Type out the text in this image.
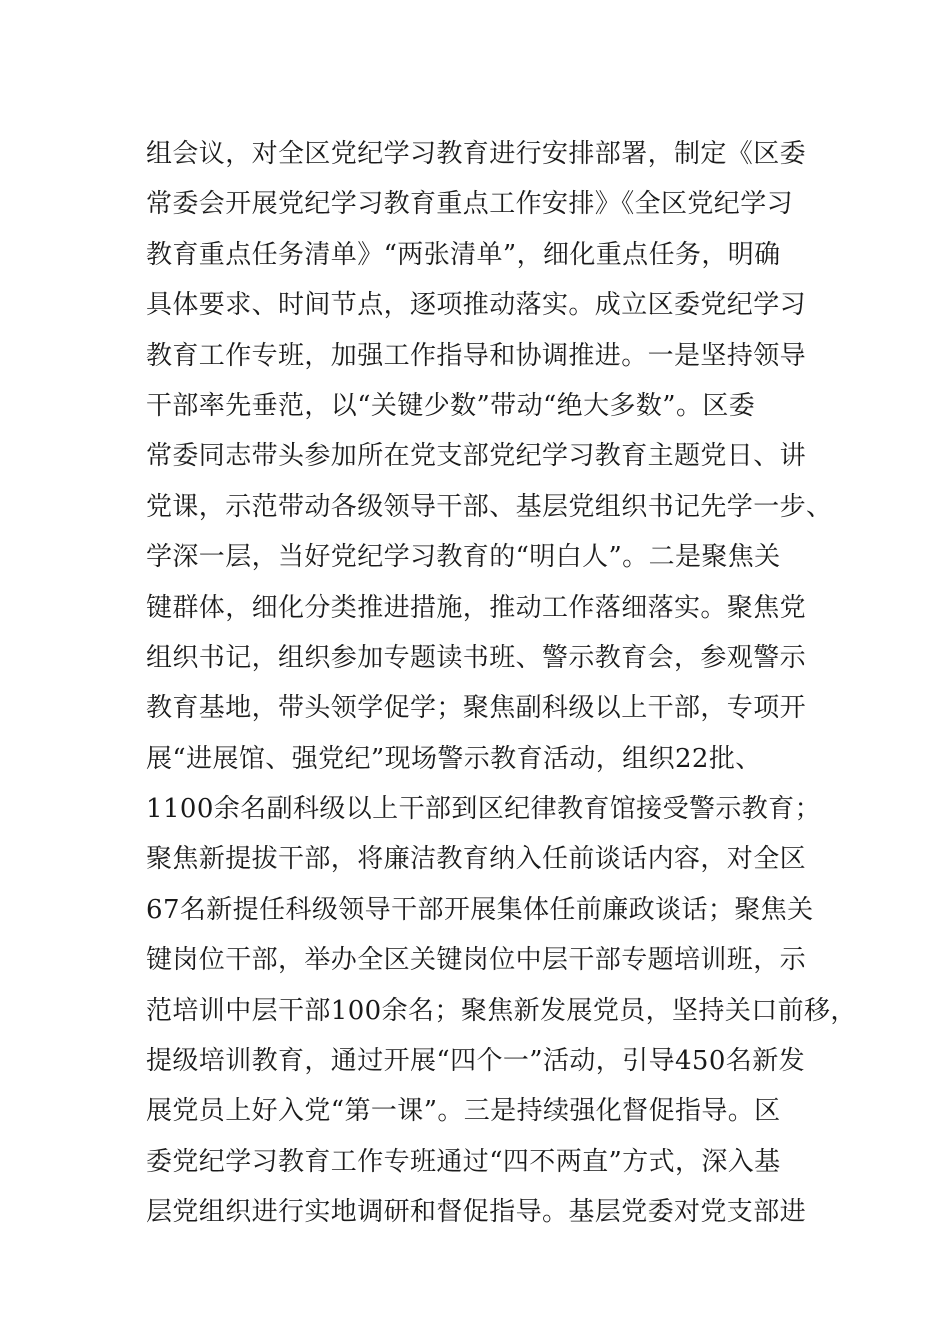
组会议，对全区党纪学习教育进行安排部署，制定《区委
常委会开展党纪学习教育重点工作安排》《全区党纪学习
教育重点任务清单》“两张清单”，细化重点任务，明确
具体要求、时间节点，逐项推动落实。成立区委党纪学习
教育工作专班，加强工作指导和协调推进。一是坚持领导
干部率先垂范，以“关键少数”带动“绝大多数”。区委
常委同志带头参加所在党支部党纪学习教育主题党日、讲
党课，示范带动各级领导干部、基层党组织书记先学一步、
学深一层，当好党纪学习教育的“明白人”。二是聚焦关
键群体，细化分类推进措施，推动工作落细落实。聚焦党
组织书记，组织参加专题读书班、警示教育会，参观警示
教育基地，带头领学促学；聚焦副科级以上干部，专项开
展“进展馆、强党纪”现场警示教育活动，组织22批、
1100余名副科级以上干部到区纪律教育馆接受警示教育；
聚焦新提拔干部，将廉洁教育纳入任前谈话内容，对全区
67名新提任科级领导干部开展集体任前廉政谈话；聚焦关
键岗位干部，举办全区关键岗位中层干部专题培训班，示
范培训中层干部100余名；聚焦新发展党员，坚持关口前移，
提级培训教育，通过开展“四个一”活动，引导450名新发
展党员上好入党“第一课”。三是持续强化督促指导。区
委党纪学习教育工作专班通过“四不两直”方式，深入基
层党组织进行实地调研和督促指导。基层党委对党支部进
